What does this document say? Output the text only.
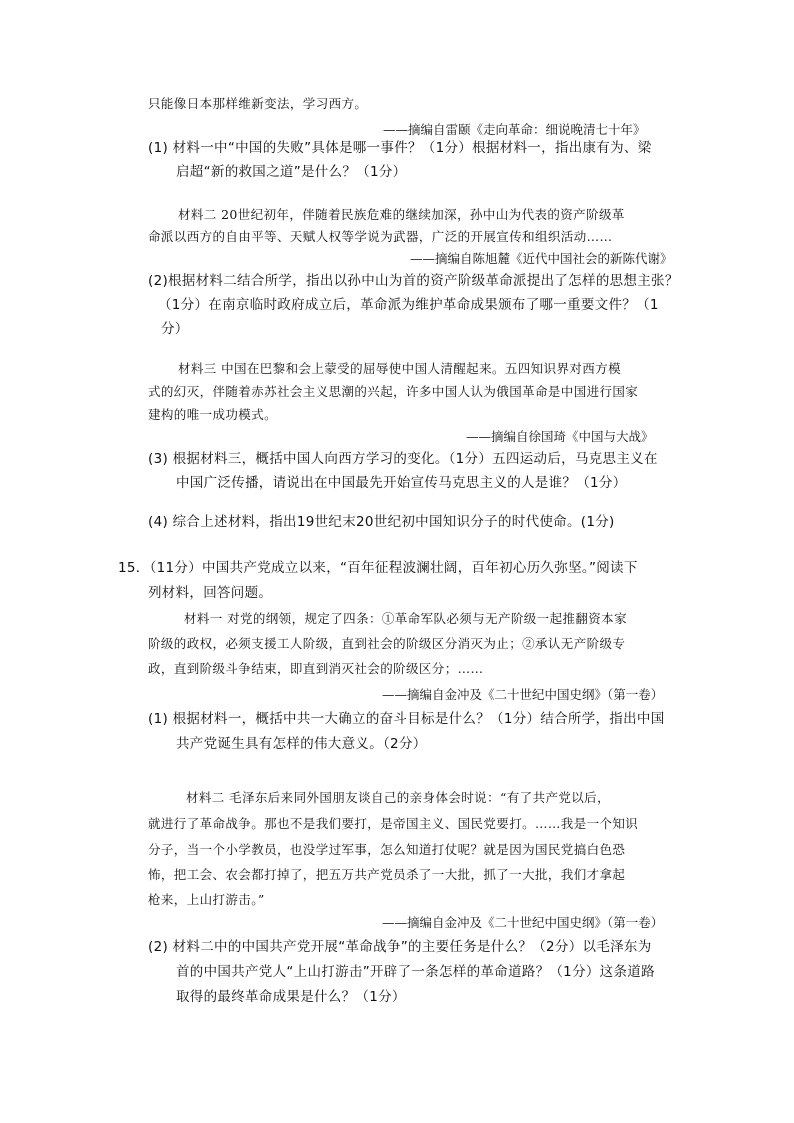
只能像日本那样维新变法，学习西方。
——摘编自雷颐《走向革命：细说晚清七十年》
(1) 材料一中“中国的失败”具体是哪一事件？（1分）根据材料一，指出康有为、梁
启超“新的救国之道”是什么？（1分）
材料二 20世纪初年，伴随着民族危难的继续加深，孙中山为代表的资产阶级革
命派以西方的自由平等、天赋人权等学说为武器，广泛的开展宣传和组织活动……
——摘编自陈旭麓《近代中国社会的新陈代谢》
(2)根据材料二结合所学，指出以孙中山为首的资产阶级革命派提出了怎样的思想主张？
（1分）在南京临时政府成立后，革命派为维护革命成果颁布了哪一重要文件？（1
分）
材料三 中国在巴黎和会上蒙受的屈辱使中国人清醒起来。五四知识界对西方模
式的幻灭，伴随着赤苏社会主义思潮的兴起，许多中国人认为俄国革命是中国进行国家
建构的唯一成功模式。
——摘编自徐国琦《中国与大战》
(3) 根据材料三，概括中国人向西方学习的变化。（1分）五四运动后，马克思主义在
中国广泛传播，请说出在中国最先开始宣传马克思主义的人是谁？（1分）
(4) 综合上述材料，指出19世纪末20世纪初中国知识分子的时代使命。(1分)
15．（11分）中国共产党成立以来，“百年征程波澜壮阔，百年初心历久弥坚。”阅读下
列材料，回答问题。
材料一 对党的纲领，规定了四条：①革命军队必须与无产阶级一起推翻资本家
阶级的政权，必须支援工人阶级，直到社会的阶级区分消灭为止；②承认无产阶级专
政，直到阶级斗争结束，即直到消灭社会的阶级区分；……
——摘编自金冲及《二十世纪中国史纲》（第一卷）
(1) 根据材料一，概括中共一大确立的奋斗目标是什么？（1分）结合所学，指出中国
共产党诞生具有怎样的伟大意义。（2分）
材料二 毛泽东后来同外国朋友谈自己的亲身体会时说：“有了共产党以后，
就进行了革命战争。那也不是我们要打，是帝国主义、国民党要打。……我是一个知识
分子，当一个小学教员，也没学过军事，怎么知道打仗呢？就是因为国民党搞白色恐
怖，把工会、农会都打掉了，把五万共产党员杀了一大批，抓了一大批，我们才拿起
枪来，上山打游击。”
——摘编自金冲及《二十世纪中国史纲》（第一卷）
(2) 材料二中的中国共产党开展“革命战争”的主要任务是什么？（2分）以毛泽东为
首的中国共产党人“上山打游击”开辟了一条怎样的革命道路？（1分）这条道路
取得的最终革命成果是什么？（1分）
